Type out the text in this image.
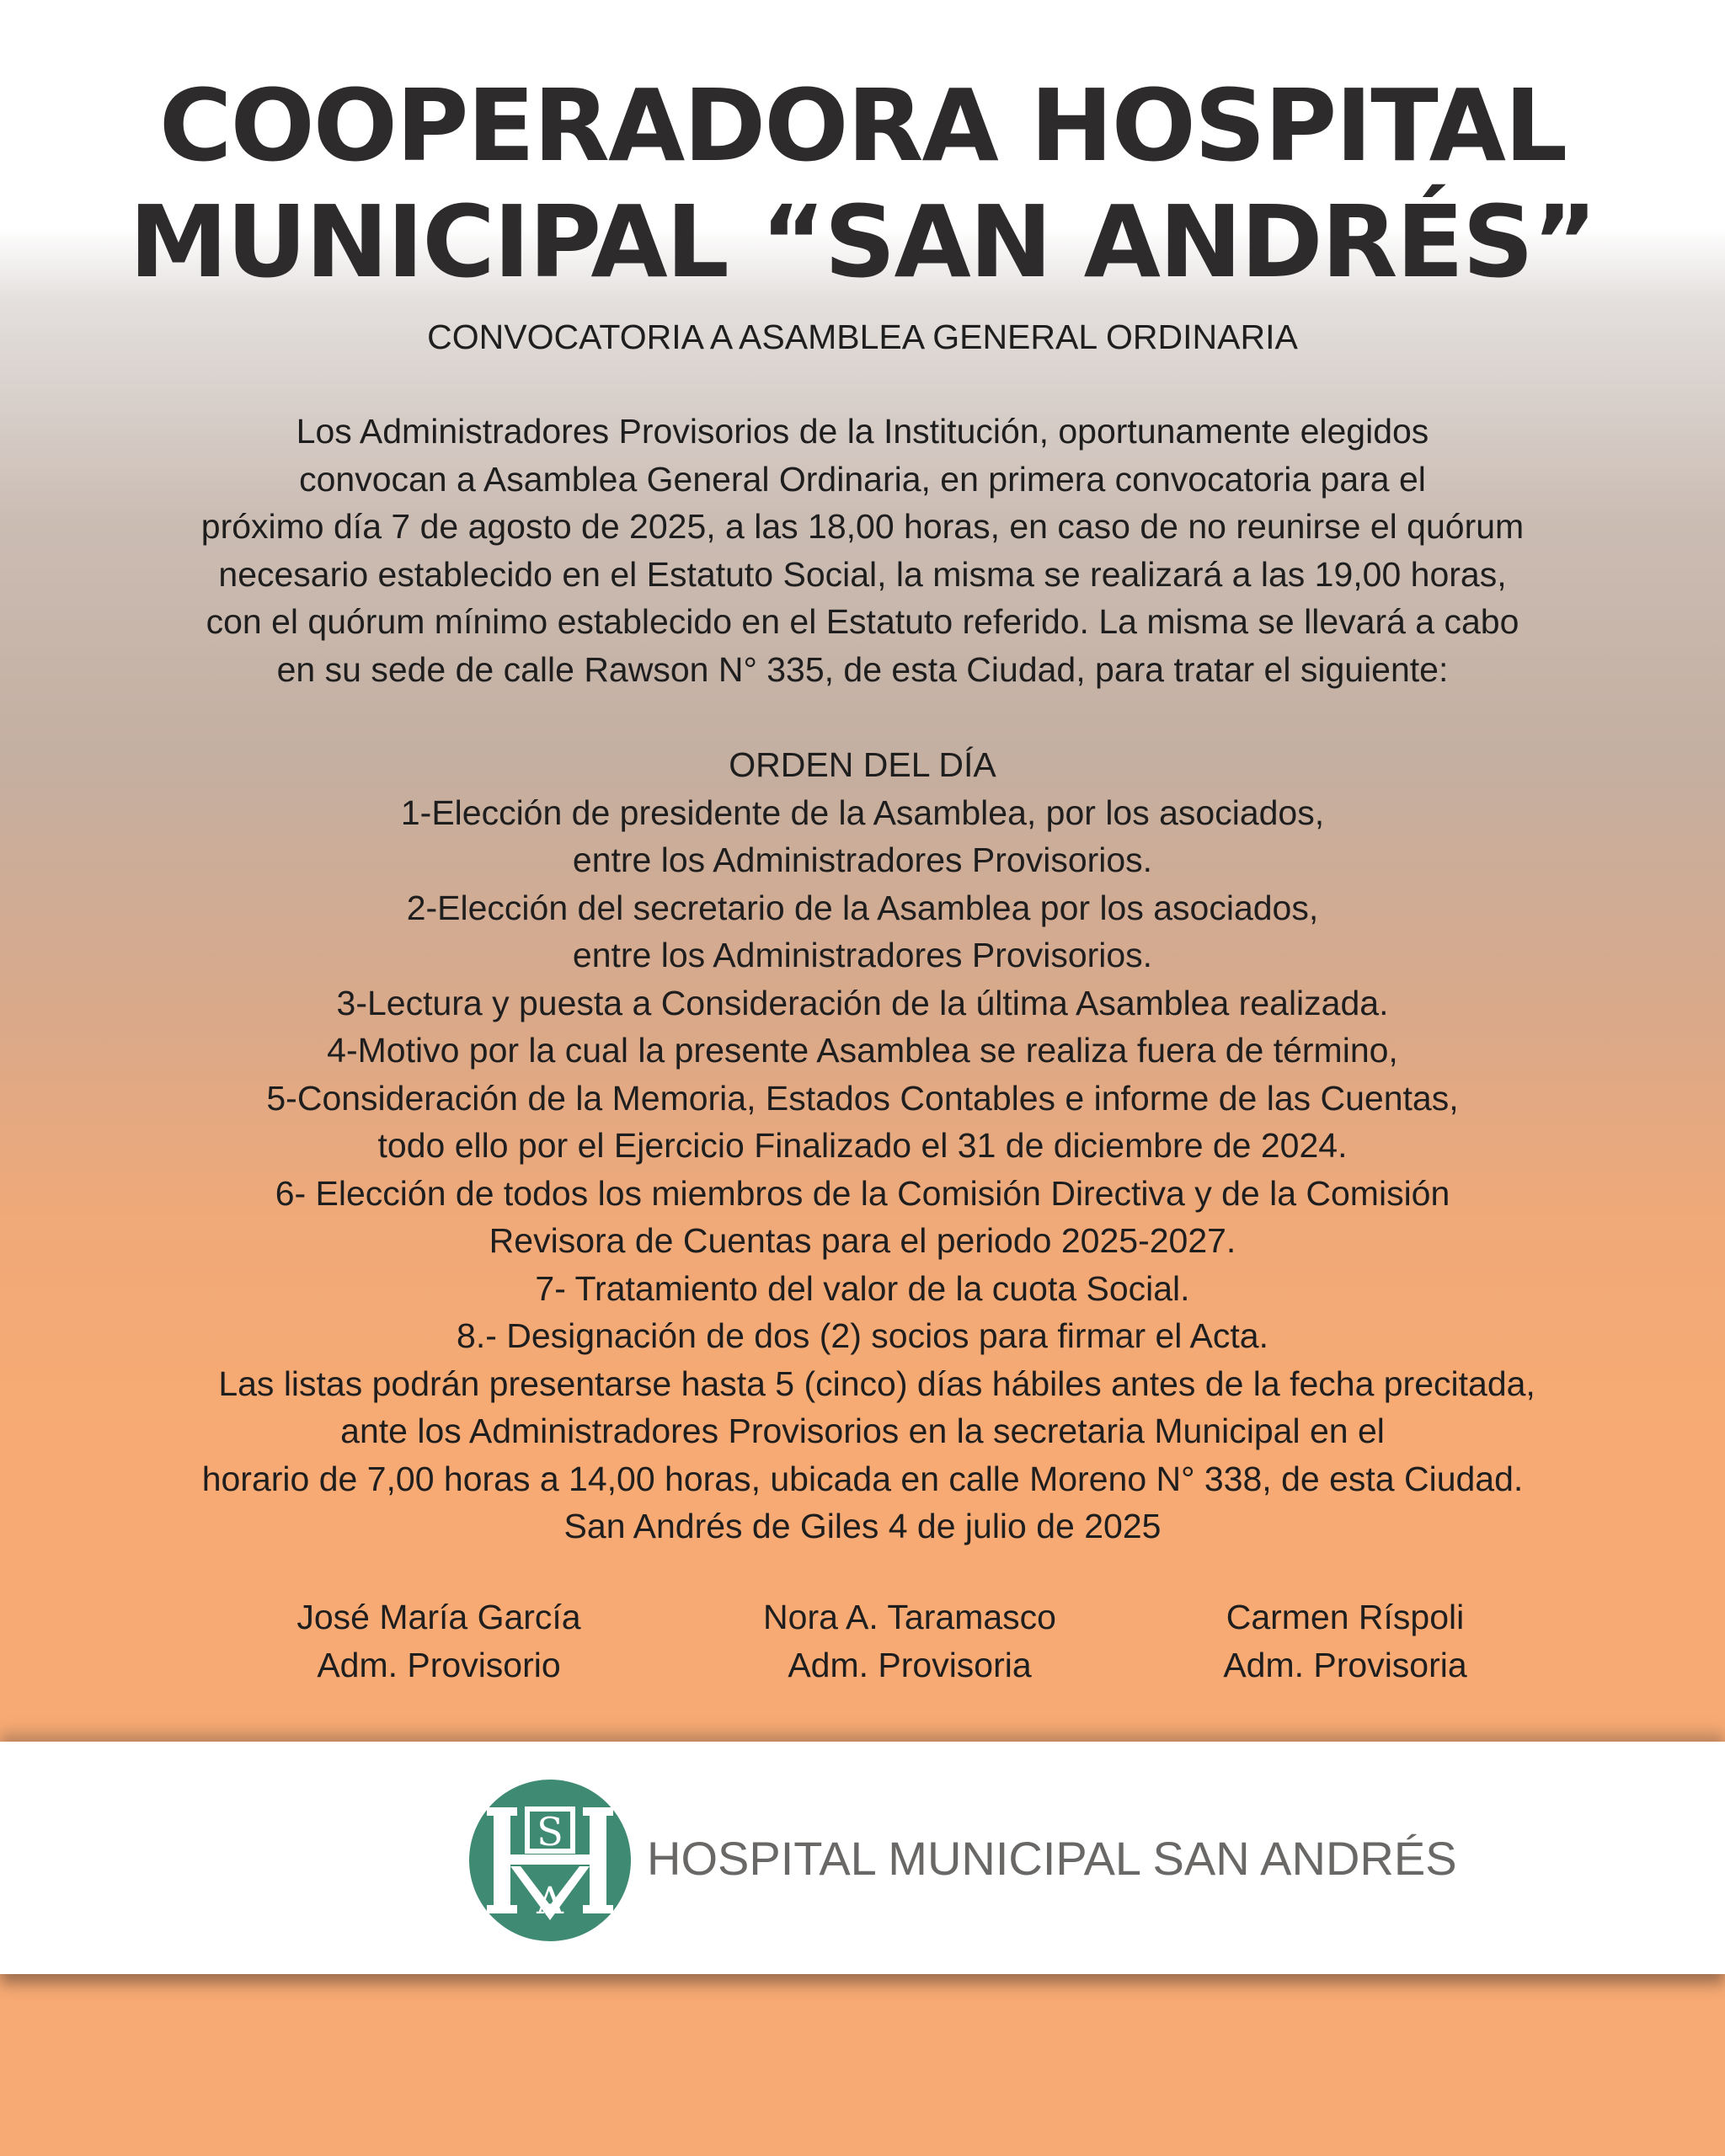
COOPERADORA HOSPITAL
MUNICIPAL “SAN ANDRÉS”
CONVOCATORIA A ASAMBLEA GENERAL ORDINARIA
Los Administradores Provisorios de la Institución, oportunamente elegidos
convocan a Asamblea General Ordinaria, en primera convocatoria para el
próximo día 7 de agosto de 2025, a las 18,00 horas, en caso de no reunirse el quórum
necesario establecido en el Estatuto Social, la misma se realizará a las 19,00 horas,
con el quórum mínimo establecido en el Estatuto referido. La misma se llevará a cabo
en su sede de calle Rawson N° 335, de esta Ciudad, para tratar el siguiente:
ORDEN DEL DÍA
1-Elección de presidente de la Asamblea, por los asociados,
entre los Administradores Provisorios.
2-Elección del secretario de la Asamblea por los asociados,
entre los Administradores Provisorios.
3-Lectura y puesta a Consideración de la última Asamblea realizada.
4-Motivo por la cual la presente Asamblea se realiza fuera de término,
5-Consideración de la Memoria, Estados Contables e informe de las Cuentas,
todo ello por el Ejercicio Finalizado el 31 de diciembre de 2024.
6- Elección de todos los miembros de la Comisión Directiva y de la Comisión
Revisora de Cuentas para el periodo 2025-2027.
7- Tratamiento del valor de la cuota Social.
8.- Designación de dos (2) socios para firmar el Acta.
Las listas podrán presentarse hasta 5 (cinco) días hábiles antes de la fecha precitada,
ante los Administradores Provisorios en la secretaria Municipal en el
horario de 7,00 horas a 14,00 horas, ubicada en calle Moreno N° 338, de esta Ciudad.
San Andrés de Giles 4 de julio de 2025
José María García
Adm. Provisorio
Nora A. Taramasco
Adm. Provisoria
Carmen Ríspoli
Adm. Provisoria
S
A
HOSPITAL MUNICIPAL SAN ANDRÉS
